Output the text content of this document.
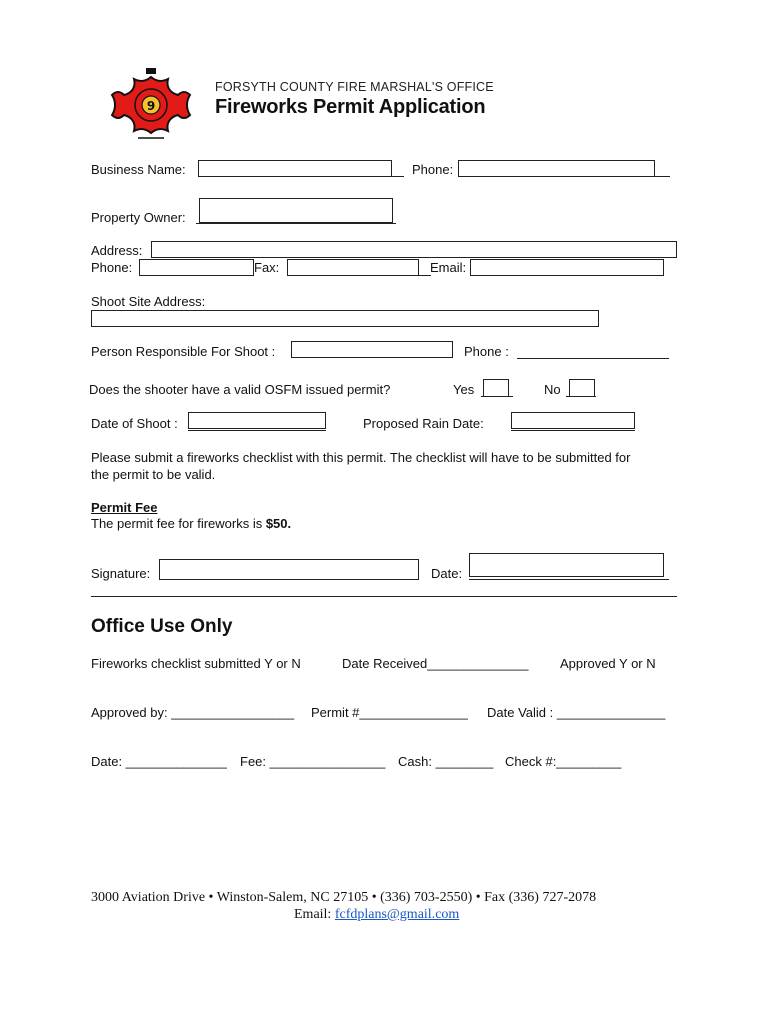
9
FORSYTH COUNTY FIRE MARSHAL'S OFFICE
Fireworks Permit Application
Business Name:	Phone:
Property Owner:
Address:
Phone:	Fax:	Email:
Shoot Site Address:
Person Responsible For Shoot :	Phone :
Does the shooter have a valid OSFM issued permit?	Yes	No
Date of Shoot :	Proposed Rain Date:
Please submit a fireworks checklist with this permit. The checklist will have to be submitted for
the permit to be valid.
Permit Fee
The permit fee for fireworks is $50.
Signature:	Date:
Office Use Only
Fireworks checklist submitted Y or N	Date Received______________ Approved Y or N
Approved by: _________________ Permit #_______________ Date Valid : _______________
Date: ______________ Fee: ________________ Cash: ________ Check #:_________
3000 Aviation Drive • Winston-Salem, NC 27105 • (336) 703-2550) • Fax (336) 727-2078
Email: fcfdplans@gmail.com
